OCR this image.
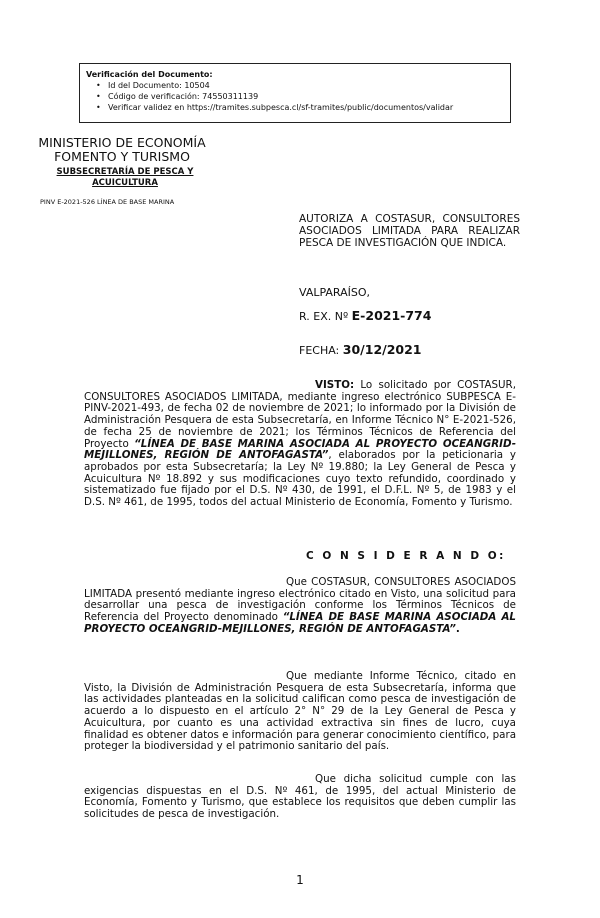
Verificación del Documento:
• Id del Documento: 10504
• Código de verificación: 74550311139
• Verificar validez en https://tramites.subpesca.cl/sf-tramites/public/documentos/validar
MINISTERIO DE ECONOMÍA
FOMENTO Y TURISMO
SUBSECRETARÍA DE PESCA Y ACUICULTURA
PINV E-2021-526 LÍNEA DE BASE MARINA
AUTORIZA A COSTASUR, CONSULTORES ASOCIADOS LIMITADA PARA REALIZAR PESCA DE INVESTIGACIÓN QUE INDICA.
VALPARAÍSO,
R. EX. Nº E-2021-774
FECHA: 30/12/2021
VISTO: Lo solicitado por COSTASUR, CONSULTORES ASOCIADOS LIMITADA, mediante ingreso electrónico SUBPESCA E-PINV-2021-493, de fecha 02 de noviembre de 2021; lo informado por la División de Administración Pesquera de esta Subsecretaría, en Informe Técnico N° E-2021-526, de fecha 25 de noviembre de 2021; los Términos Técnicos de Referencia del Proyecto “LÍNEA DE BASE MARINA ASOCIADA AL PROYECTO OCEANGRID-MEJILLONES, REGIÓN DE ANTOFAGASTA”, elaborados por la peticionaria y aprobados por esta Subsecretaría; la Ley Nº 19.880; la Ley General de Pesca y Acuicultura Nº 18.892 y sus modificaciones cuyo texto refundido, coordinado y sistematizado fue fijado por el D.S. Nº 430, de 1991, el D.F.L. Nº 5, de 1983 y el D.S. Nº 461, de 1995, todos del actual Ministerio de Economía, Fomento y Turismo.
C O N S I D E R A N D O:
Que COSTASUR, CONSULTORES ASOCIADOS LIMITADA presentó mediante ingreso electrónico citado en Visto, una solicitud para desarrollar una pesca de investigación conforme los Términos Técnicos de Referencia del Proyecto denominado “LÍNEA DE BASE MARINA ASOCIADA AL PROYECTO OCEANGRID-MEJILLONES, REGIÓN DE ANTOFAGASTA”.
Que mediante Informe Técnico, citado en Visto, la División de Administración Pesquera de esta Subsecretaría, informa que las actividades planteadas en la solicitud califican como pesca de investigación de acuerdo a lo dispuesto en el artículo 2° N° 29 de la Ley General de Pesca y Acuicultura, por cuanto es una actividad extractiva sin fines de lucro, cuya finalidad es obtener datos e información para generar conocimiento científico, para proteger la biodiversidad y el patrimonio sanitario del país.
Que dicha solicitud cumple con las exigencias dispuestas en el D.S. Nº 461, de 1995, del actual Ministerio de Economía, Fomento y Turismo, que establece los requisitos que deben cumplir las solicitudes de pesca de investigación.
1
